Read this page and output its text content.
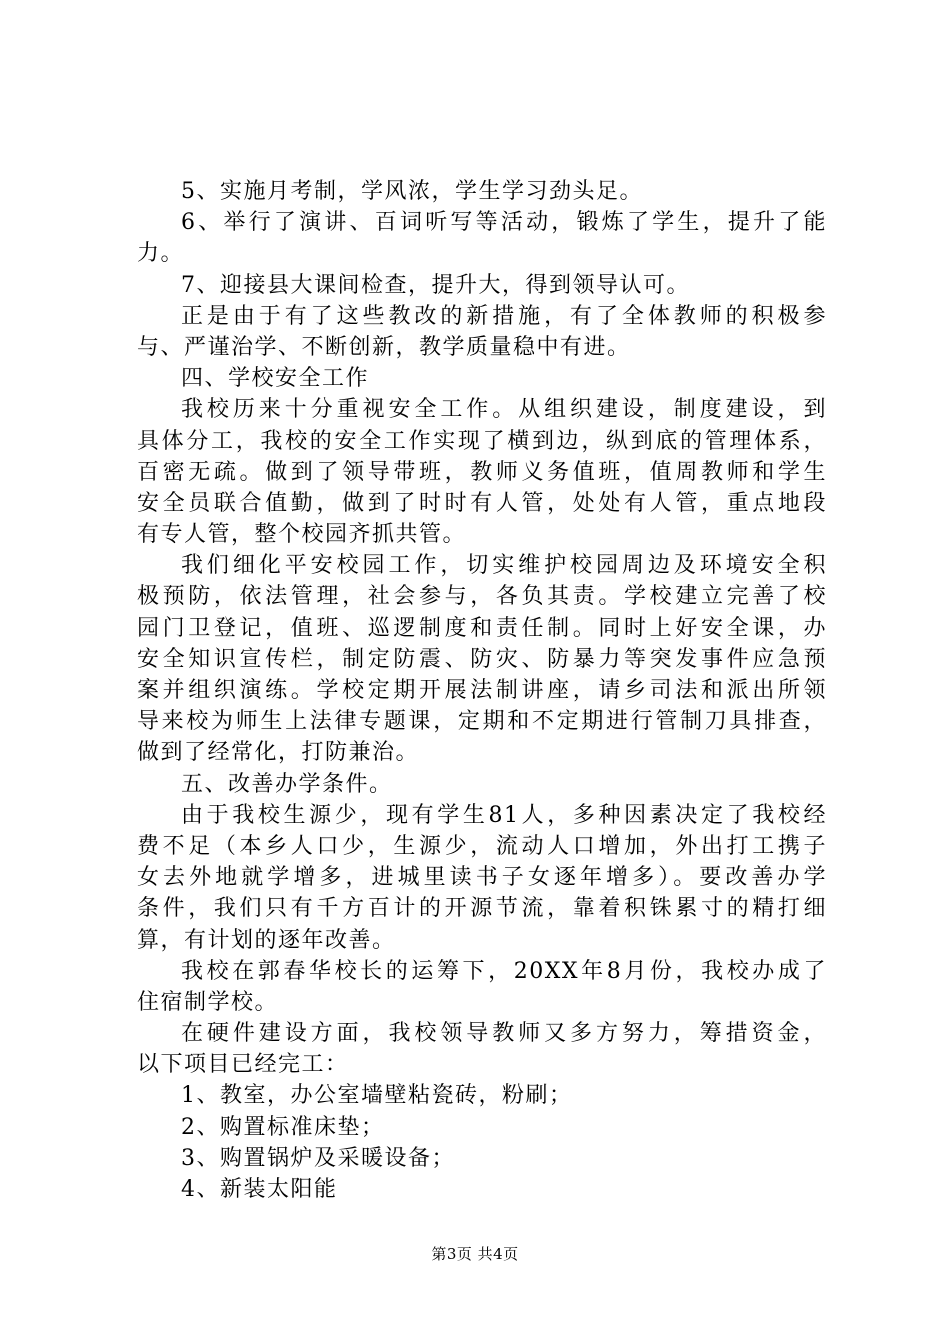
5、实施月考制，学风浓，学生学习劲头足。
6、举行了演讲、百词听写等活动，锻炼了学生，提升了能
力。
7、迎接县大课间检查，提升大，得到领导认可。
正是由于有了这些教改的新措施，有了全体教师的积极参
与、严谨治学、不断创新，教学质量稳中有进。
四、学校安全工作
我校历来十分重视安全工作。从组织建设，制度建设，到
具体分工，我校的安全工作实现了横到边，纵到底的管理体系，
百密无疏。做到了领导带班，教师义务值班，值周教师和学生
安全员联合值勤，做到了时时有人管，处处有人管，重点地段
有专人管，整个校园齐抓共管。
我们细化平安校园工作，切实维护校园周边及环境安全积
极预防，依法管理，社会参与，各负其责。学校建立完善了校
园门卫登记，值班、巡逻制度和责任制。同时上好安全课，办
安全知识宣传栏，制定防震、防灾、防暴力等突发事件应急预
案并组织演练。学校定期开展法制讲座，请乡司法和派出所领
导来校为师生上法律专题课，定期和不定期进行管制刀具排查，
做到了经常化，打防兼治。
五、改善办学条件。
由于我校生源少，现有学生81人，多种因素决定了我校经
费不足（本乡人口少，生源少，流动人口增加，外出打工携子
女去外地就学增多，进城里读书子女逐年增多）。要改善办学
条件，我们只有千方百计的开源节流，靠着积铢累寸的精打细
算，有计划的逐年改善。
我校在郭春华校长的运筹下，20XX年8月份，我校办成了
住宿制学校。
在硬件建设方面，我校领导教师又多方努力，筹措资金，
以下项目已经完工：
1、教室，办公室墙壁粘瓷砖，粉刷；
2、购置标准床垫；
3、购置锅炉及采暖设备；
4、新装太阳能
第3页 共4页
